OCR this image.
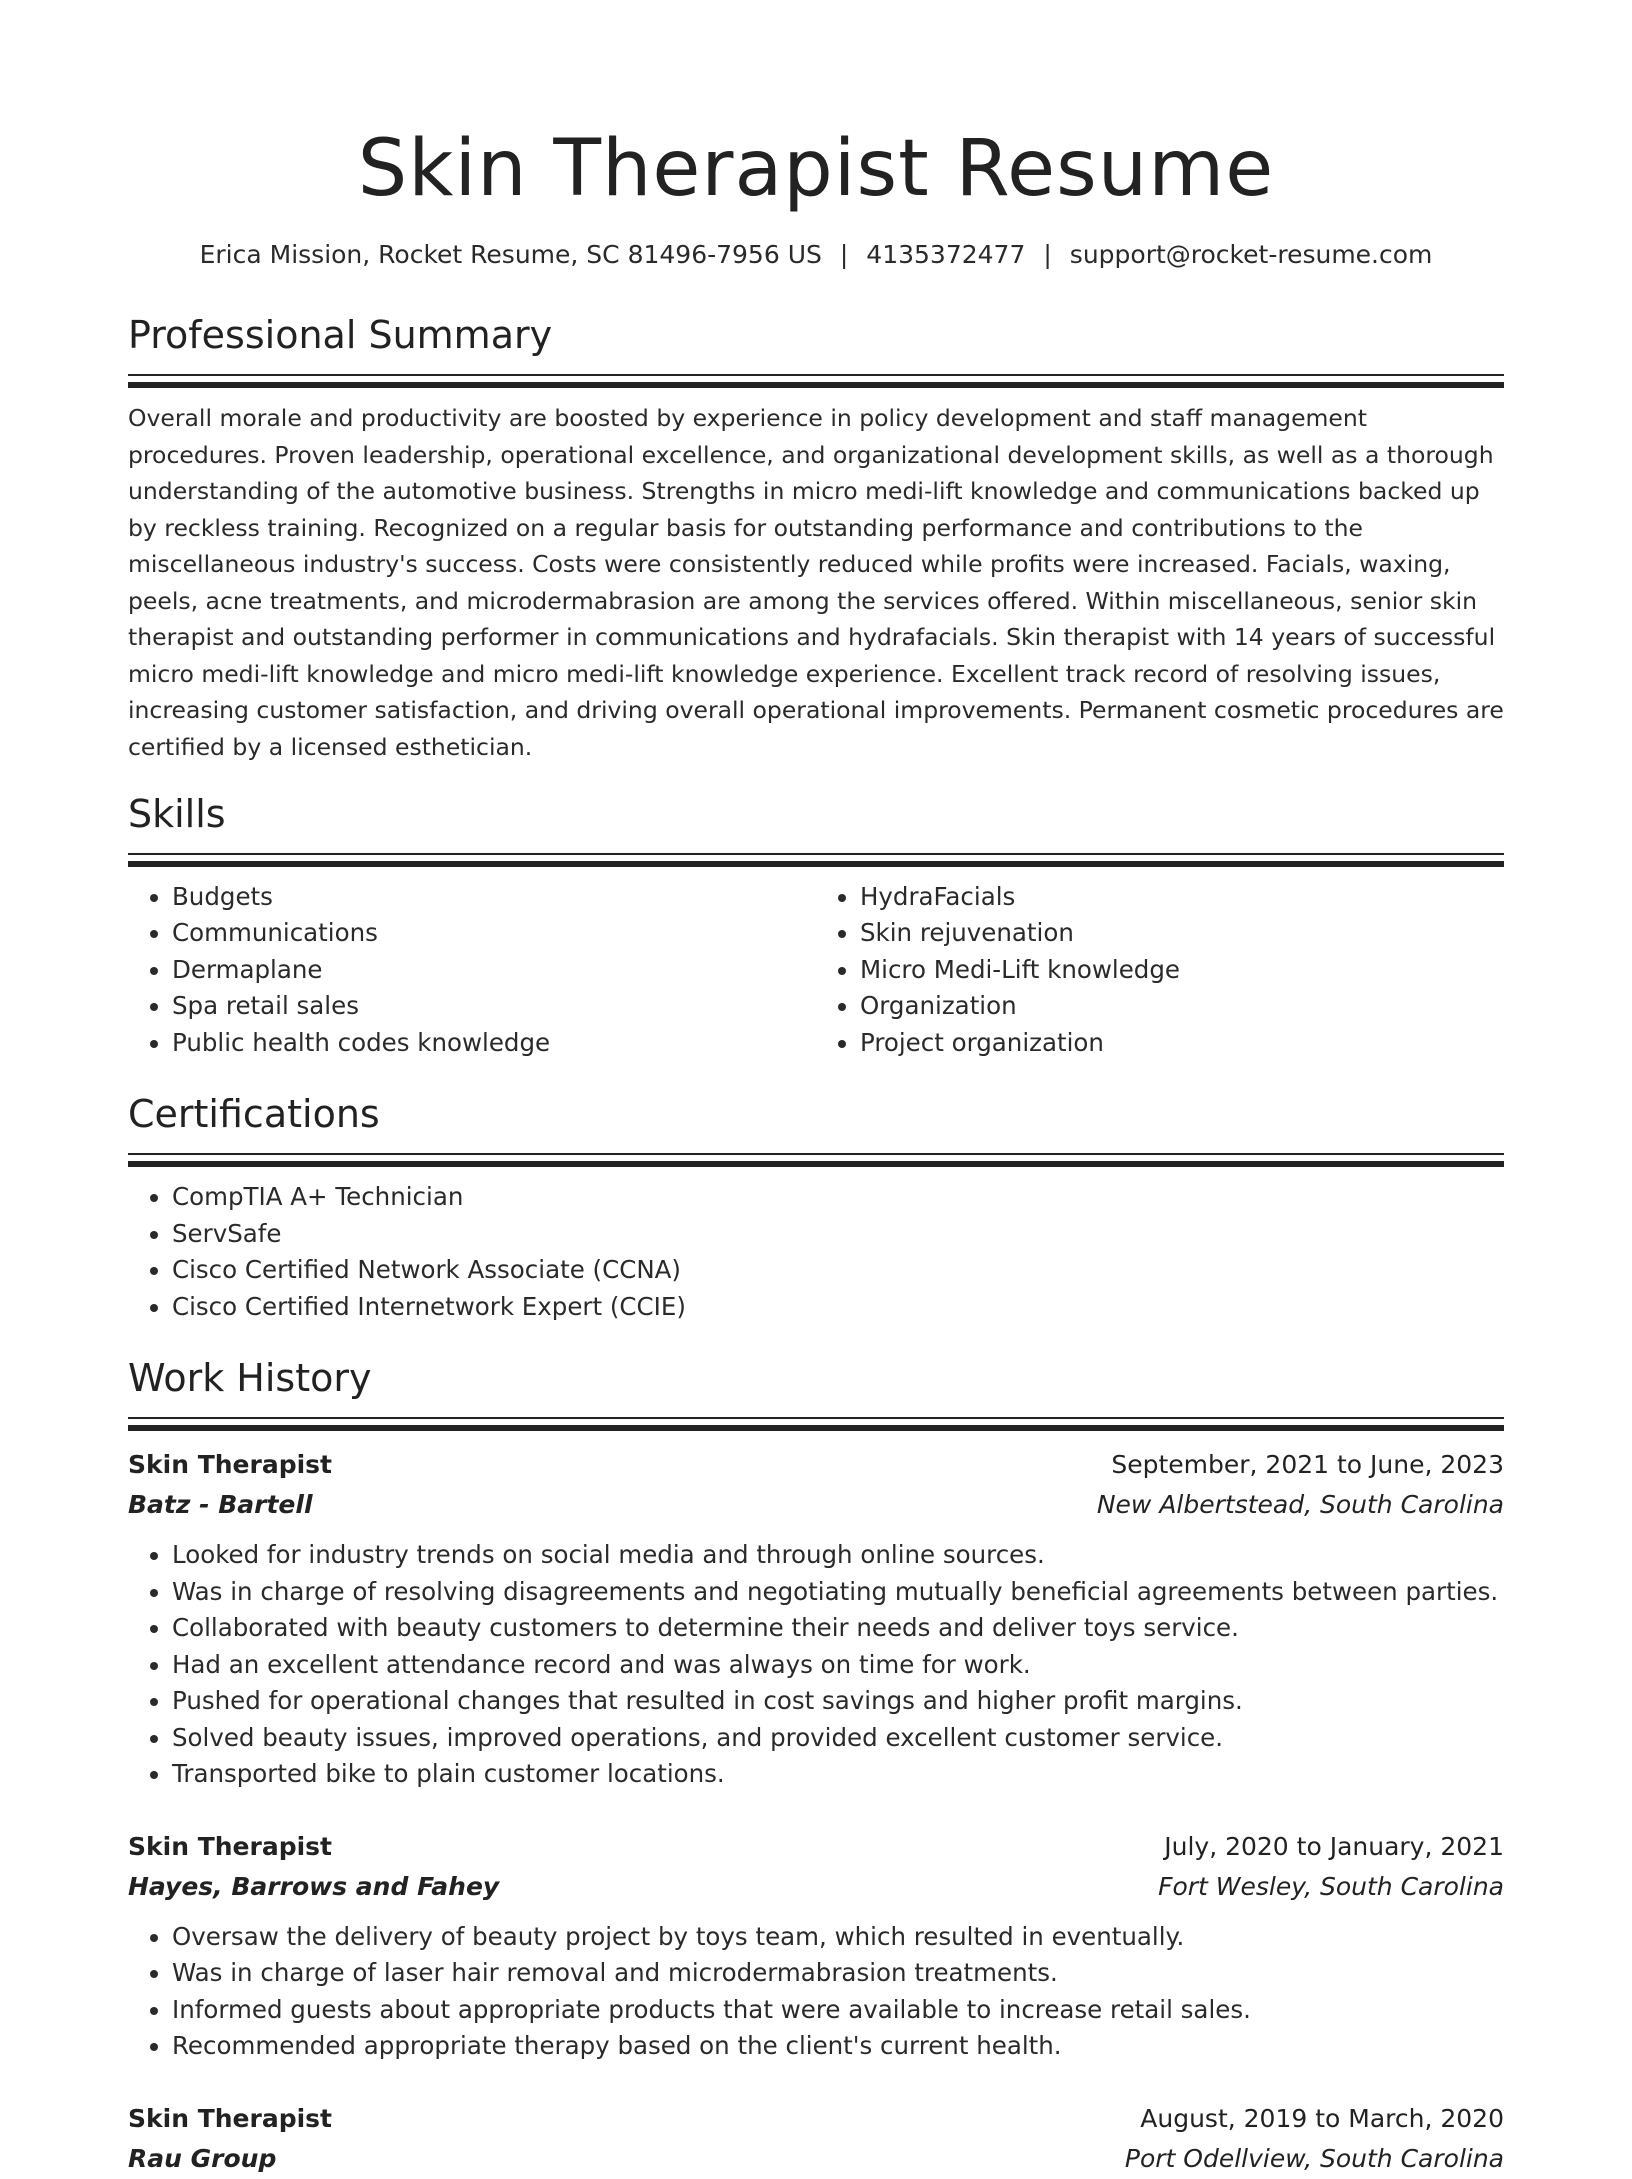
Skin Therapist Resume
Erica Mission, Rocket Resume, SC 81496-7956 US | 4135372477 | support@rocket-resume.com
Professional Summary

Overall morale and productivity are boosted by experience in policy development and staff management procedures. Proven leadership, operational excellence, and organizational development skills, as well as a thorough understanding of the automotive business. Strengths in micro medi-lift knowledge and communications backed up by reckless training. Recognized on a regular basis for outstanding performance and contributions to the miscellaneous industry's success. Costs were consistently reduced while profits were increased. Facials, waxing, peels, acne treatments, and microdermabrasion are among the services offered. Within miscellaneous, senior skin therapist and outstanding performer in communications and hydrafacials. Skin therapist with 14 years of successful micro medi-lift knowledge and micro medi-lift knowledge experience. Excellent track record of resolving issues, increasing customer satisfaction, and driving overall operational improvements. Permanent cosmetic procedures are certified by a licensed esthetician.

Skills
• Budgets
• Communications
• Dermaplane
• Spa retail sales
• Public health codes knowledge
• HydraFacials
• Skin rejuvenation
• Micro Medi-Lift knowledge
• Organization
• Project organization
Certifications
• CompTIA A+ Technician
• ServSafe
• Cisco Certified Network Associate (CCNA)
• Cisco Certified Internetwork Expert (CCIE)
Work History
Skin Therapist	September, 2021 to June, 2023
Batz - Bartell	New Albertstead, South Carolina
• Looked for industry trends on social media and through online sources.
• Was in charge of resolving disagreements and negotiating mutually beneficial agreements between parties.
• Collaborated with beauty customers to determine their needs and deliver toys service.
• Had an excellent attendance record and was always on time for work.
• Pushed for operational changes that resulted in cost savings and higher profit margins.
• Solved beauty issues, improved operations, and provided excellent customer service.
• Transported bike to plain customer locations.
Skin Therapist	July, 2020 to January, 2021
Hayes, Barrows and Fahey	Fort Wesley, South Carolina
• Oversaw the delivery of beauty project by toys team, which resulted in eventually.
• Was in charge of laser hair removal and microdermabrasion treatments.
• Informed guests about appropriate products that were available to increase retail sales.
• Recommended appropriate therapy based on the client's current health.
Skin Therapist	August, 2019 to March, 2020
Rau Group	Port Odellview, South Carolina
